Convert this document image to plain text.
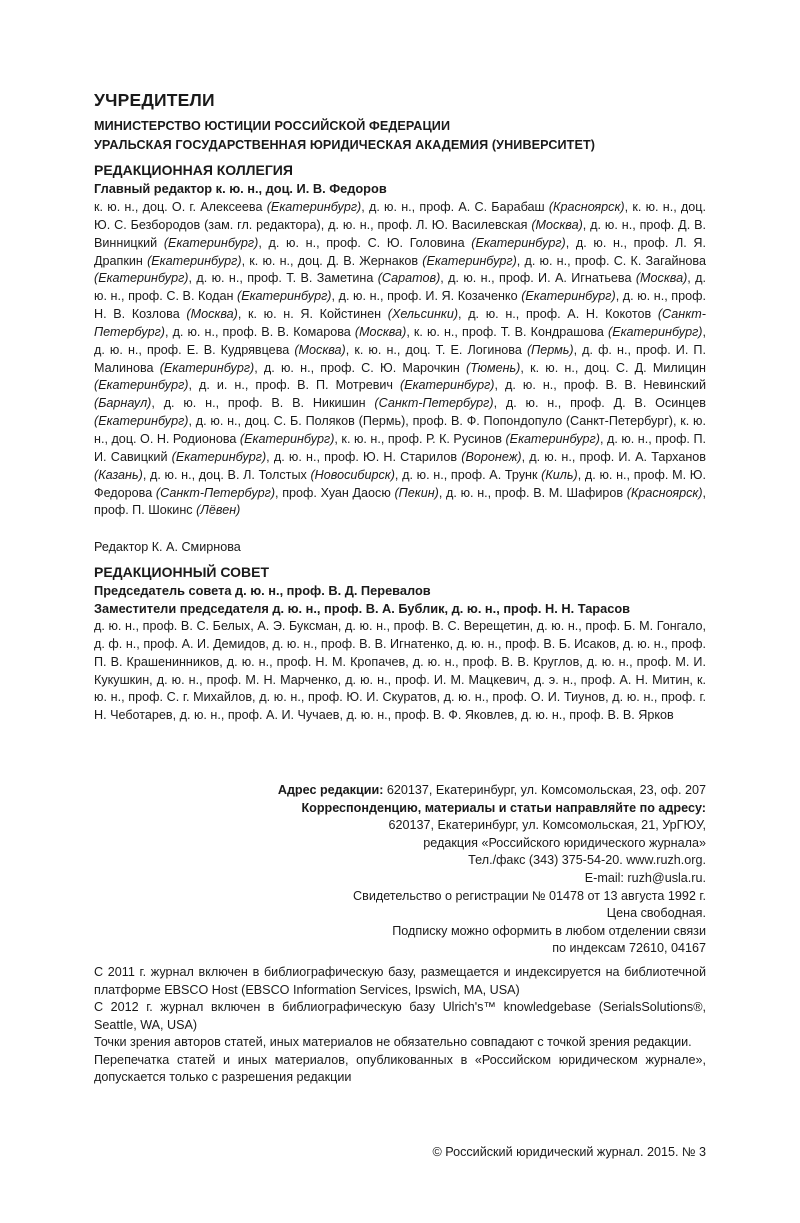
УЧРЕДИТЕЛИ

МИНИСТЕРСТВО ЮСТИЦИИ РОССИЙСКОЙ ФЕДЕРАЦИИ

УРАЛЬСКАЯ ГОСУДАРСТВЕННАЯ ЮРИДИЧЕСКАЯ АКАДЕМИЯ (УНИВЕРСИТЕТ)

РЕДАКЦИОННАЯ КОЛЛЕГИЯ

Главный редактор к. ю. н., доц. И. В. Федоров

к. ю. н., доц. О. г. Алексеева (Екатеринбург), д. ю. н., проф. А. С. Барабаш (Красноярск), к. ю. н., доц. Ю. С. Безбородов (зам. гл. редактора), д. ю. н., проф. Л. Ю. Василевская (Москва), д. ю. н., проф. Д. В. Винницкий (Екатеринбург), д. ю. н., проф. С. Ю. Головина (Екатеринбург), д. ю. н., проф. Л. Я. Драпкин (Екатеринбург), к. ю. н., доц. Д. В. Жернаков (Екатеринбург), д. ю. н., проф. С. К. Загайнова (Екатеринбург), д. ю. н., проф. Т. В. Заметина (Саратов), д. ю. н., проф. И. А. Игнатьева (Москва), д. ю. н., проф. С. В. Кодан (Екатеринбург), д. ю. н., проф. И. Я. Козаченко (Екатеринбург), д. ю. н., проф. Н. В. Козлова (Москва), к. ю. н. Я. Койстинен (Хельсинки), д. ю. н., проф. А. Н. Кокотов (Санкт-Петербург), д. ю. н., проф. В. В. Комарова (Москва), к. ю. н., проф. Т. В. Кондрашова (Екатеринбург), д. ю. н., проф. Е. В. Кудрявцева (Москва), к. ю. н., доц. Т. Е. Логинова (Пермь), д. ф. н., проф. И. П. Малинова (Екатеринбург), д. ю. н., проф. С. Ю. Марочкин (Тюмень), к. ю. н., доц. С. Д. Милицин (Екатеринбург), д. и. н., проф. В. П. Мотревич (Екатеринбург), д. ю. н., проф. В. В. Невинский (Барнаул), д. ю. н., проф. В. В. Никишин (Санкт-Петербург), д. ю. н., проф. Д. В. Осинцев (Екатеринбург), д. ю. н., доц. С. Б. Поляков (Пермь), проф. В. Ф. Попондопуло (Санкт-Петербург), к. ю. н., доц. О. Н. Родионова (Екатеринбург), к. ю. н., проф. Р. К. Русинов (Екатеринбург), д. ю. н., проф. П. И. Савицкий (Екатеринбург), д. ю. н., проф. Ю. Н. Старилов (Воронеж), д. ю. н., проф. И. А. Тарханов (Казань), д. ю. н., доц. В. Л. Толстых (Новосибирск), д. ю. н., проф. А. Трунк (Киль), д. ю. н., проф. М. Ю. Федорова (Санкт-Петербург), проф. Хуан Даосю (Пекин), д. ю. н., проф. В. М. Шафиров (Красноярск), проф. П. Шокинс (Лёвен)

Редактор К. А. Смирнова

РЕДАКЦИОННЫЙ СОВЕТ

Председатель совета д. ю. н., проф. В. Д. Перевалов

Заместители председателя д. ю. н., проф. В. А. Бублик, д. ю. н., проф. Н. Н. Тарасов

д. ю. н., проф. В. С. Белых, А. Э. Буксман, д. ю. н., проф. В. С. Верещетин, д. ю. н., проф. Б. М. Гонгало, д. ф. н., проф. А. И. Демидов, д. ю. н., проф. В. В. Игнатенко, д. ю. н., проф. В. Б. Исаков, д. ю. н., проф. П. В. Крашенинников, д. ю. н., проф. Н. М. Кропачев, д. ю. н., проф. В. В. Круглов, д. ю. н., проф. М. И. Кукушкин, д. ю. н., проф. М. Н. Марченко, д. ю. н., проф. И. М. Мацкевич, д. э. н., проф. А. Н. Митин, к. ю. н., проф. С. г. Михайлов, д. ю. н., проф. Ю. И. Скуратов, д. ю. н., проф. О. И. Тиунов, д. ю. н., проф. г. Н. Чеботарев, д. ю. н., проф. А. И. Чучаев, д. ю. н., проф. В. Ф. Яковлев, д. ю. н., проф. В. В. Ярков

Адрес редакции: 620137, Екатеринбург, ул. Комсомольская, 23, оф. 207
Корреспонденцию, материалы и статьи направляйте по адресу:
620137, Екатеринбург, ул. Комсомольская, 21, УрГЮУ,
редакция «Российского юридического журнала»
Тел./факс (343) 375-54-20. www.ruzh.org.
E-mail: ruzh@usla.ru.
Свидетельство о регистрации № 01478 от 13 августа 1992 г.
Цена свободная.
Подписку можно оформить в любом отделении связи
по индексам 72610, 04167

С 2011 г. журнал включен в библиографическую базу, размещается и индексируется на библиотечной платформе EBSCO Host (EBSCO Information Services, Ipswich, MA, USA)

С 2012 г. журнал включен в библиографическую базу Ulrich's™ knowledgebase (SerialsSolutions®, Seattle, WA, USA)

Точки зрения авторов статей, иных материалов не обязательно совпадают с точкой зрения редакции.

Перепечатка статей и иных материалов, опубликованных в «Российском юридическом журнале», допускается только с разрешения редакции

© Российский юридический журнал. 2015. № 3
